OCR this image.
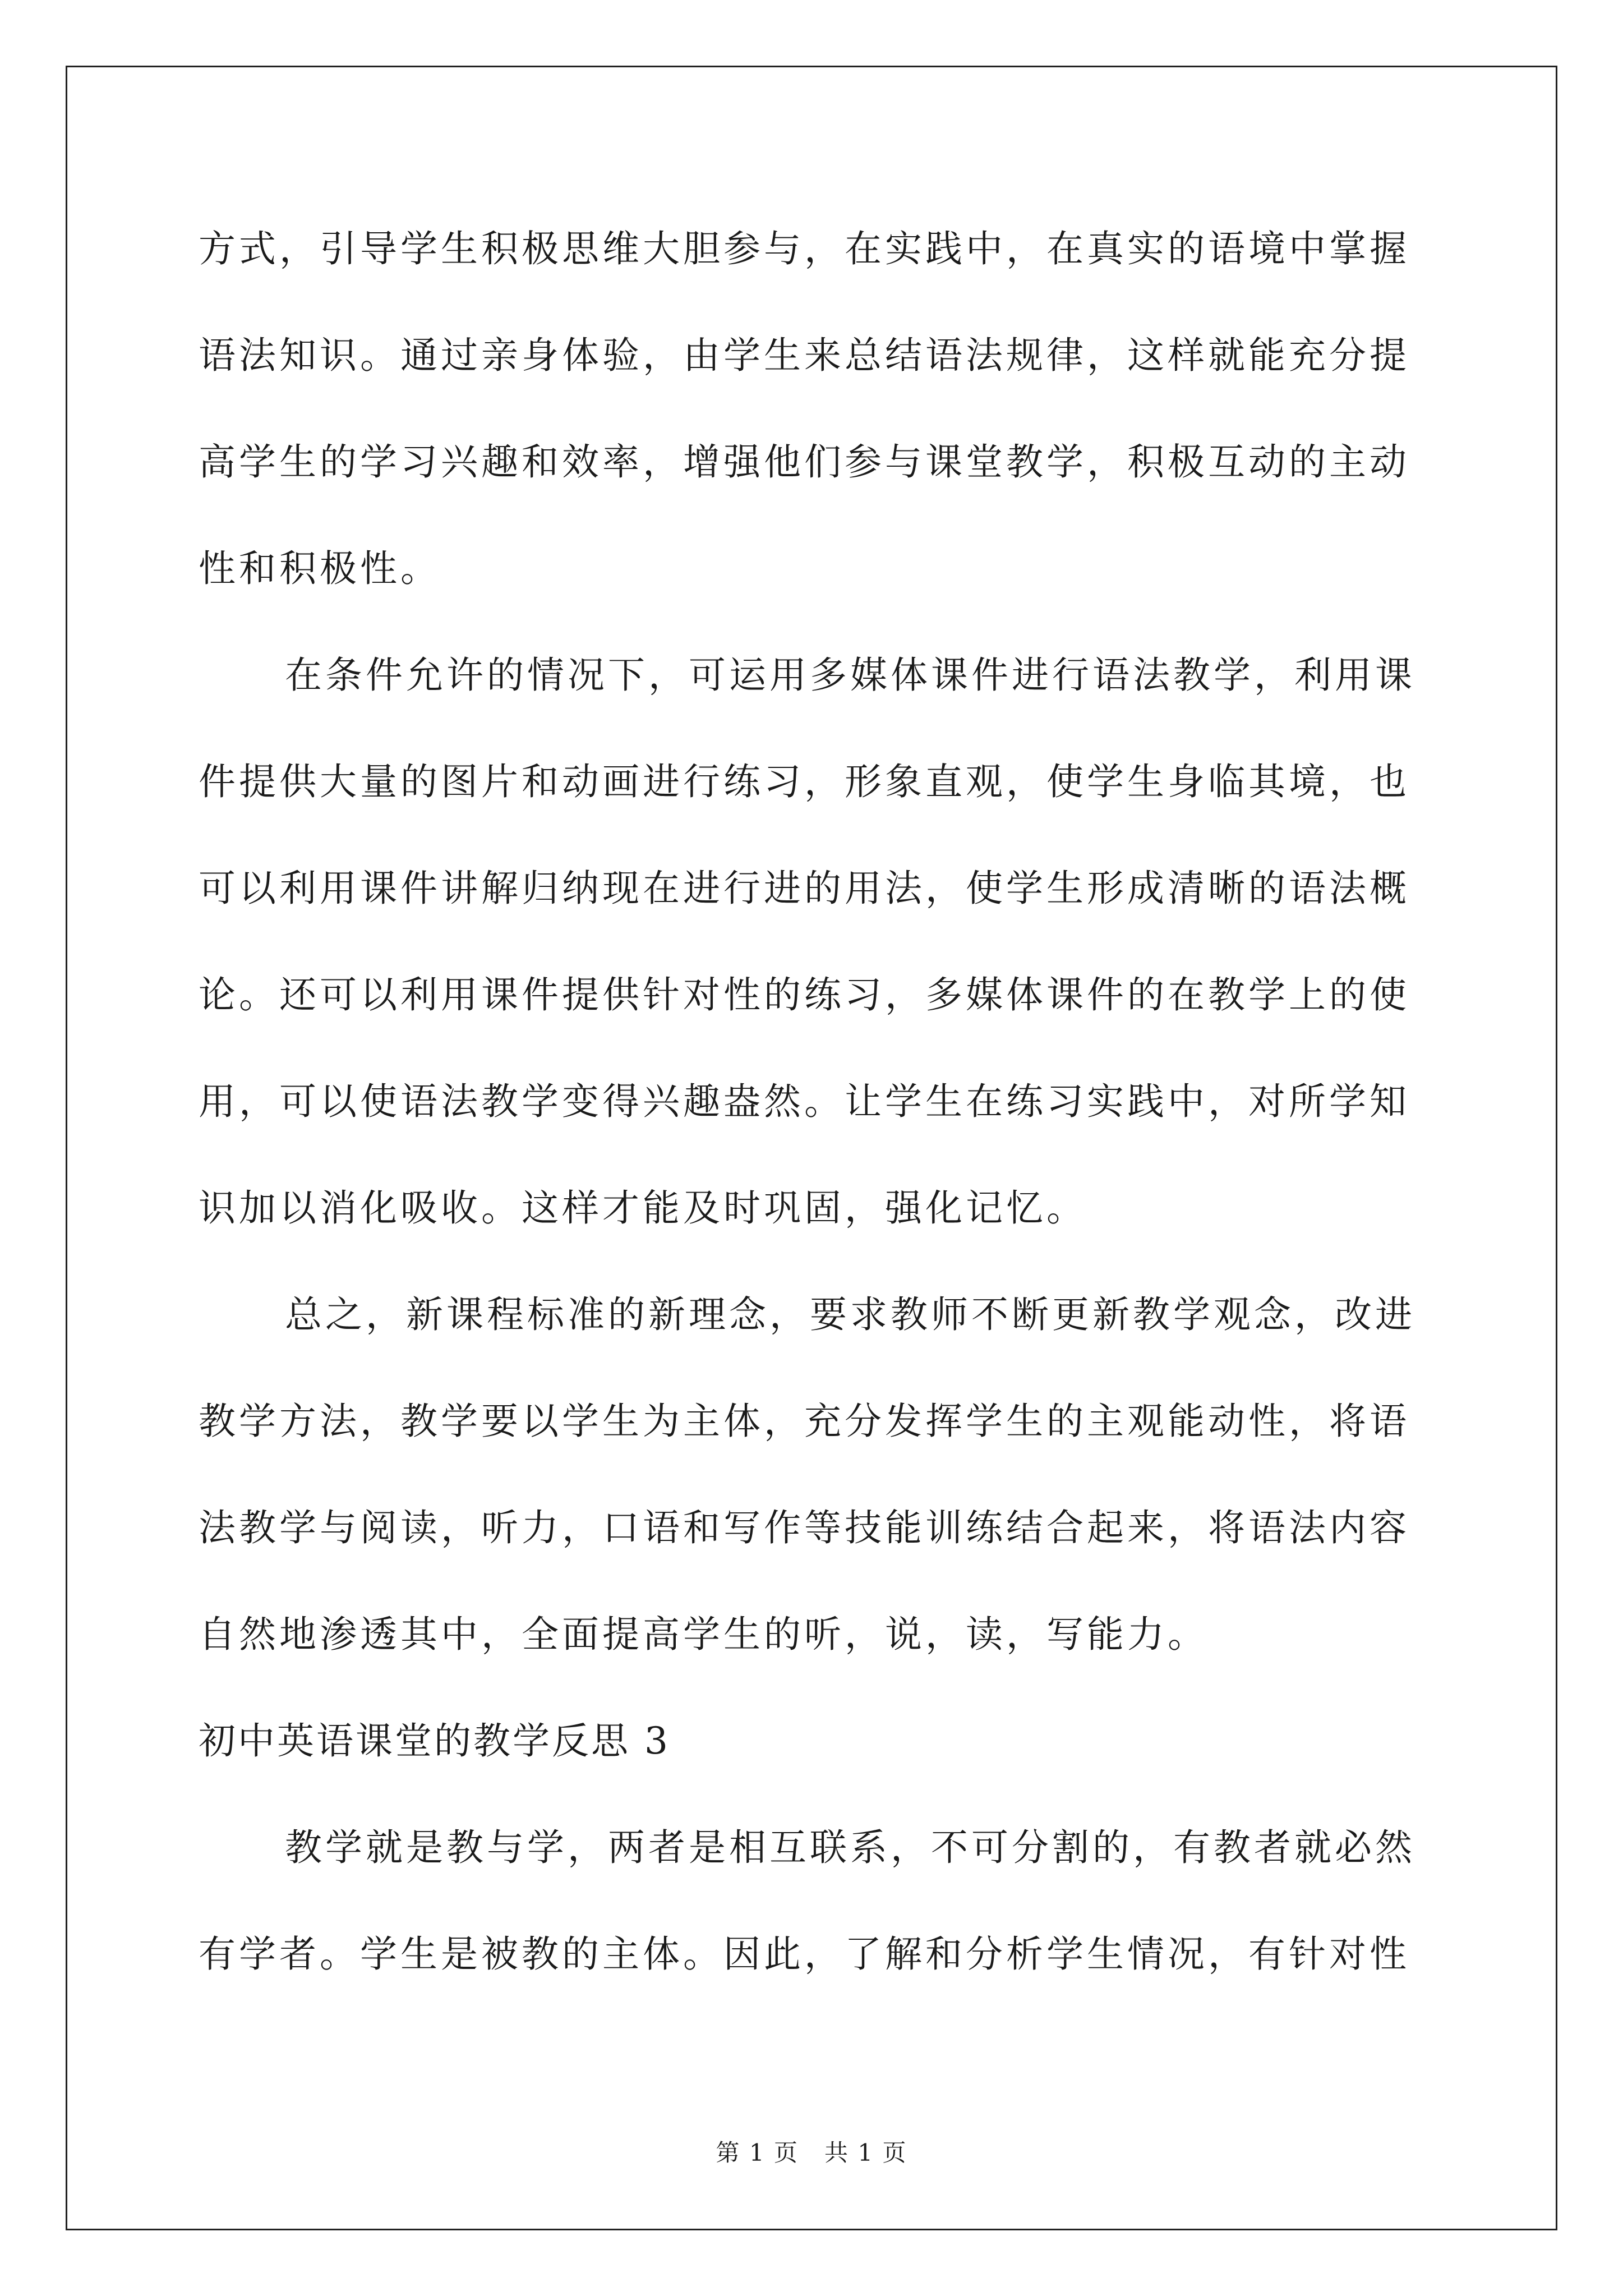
方式，引导学生积极思维大胆参与，在实践中，在真实的语境中掌握
语法知识。通过亲身体验，由学生来总结语法规律，这样就能充分提
高学生的学习兴趣和效率，增强他们参与课堂教学，积极互动的主动
性和积极性。
在条件允许的情况下，可运用多媒体课件进行语法教学，利用课
件提供大量的图片和动画进行练习，形象直观，使学生身临其境，也
可以利用课件讲解归纳现在进行进的用法，使学生形成清晰的语法概
论。还可以利用课件提供针对性的练习，多媒体课件的在教学上的使
用，可以使语法教学变得兴趣盎然。让学生在练习实践中，对所学知
识加以消化吸收。这样才能及时巩固，强化记忆。
总之，新课程标准的新理念，要求教师不断更新教学观念，改进
教学方法，教学要以学生为主体，充分发挥学生的主观能动性，将语
法教学与阅读，听力，口语和写作等技能训练结合起来，将语法内容
自然地渗透其中，全面提高学生的听，说，读，写能力。
初中英语课堂的教学反思 3
教学就是教与学，两者是相互联系，不可分割的，有教者就必然
有学者。学生是被教的主体。因此，了解和分析学生情况，有针对性
第 1 页   共 1 页
